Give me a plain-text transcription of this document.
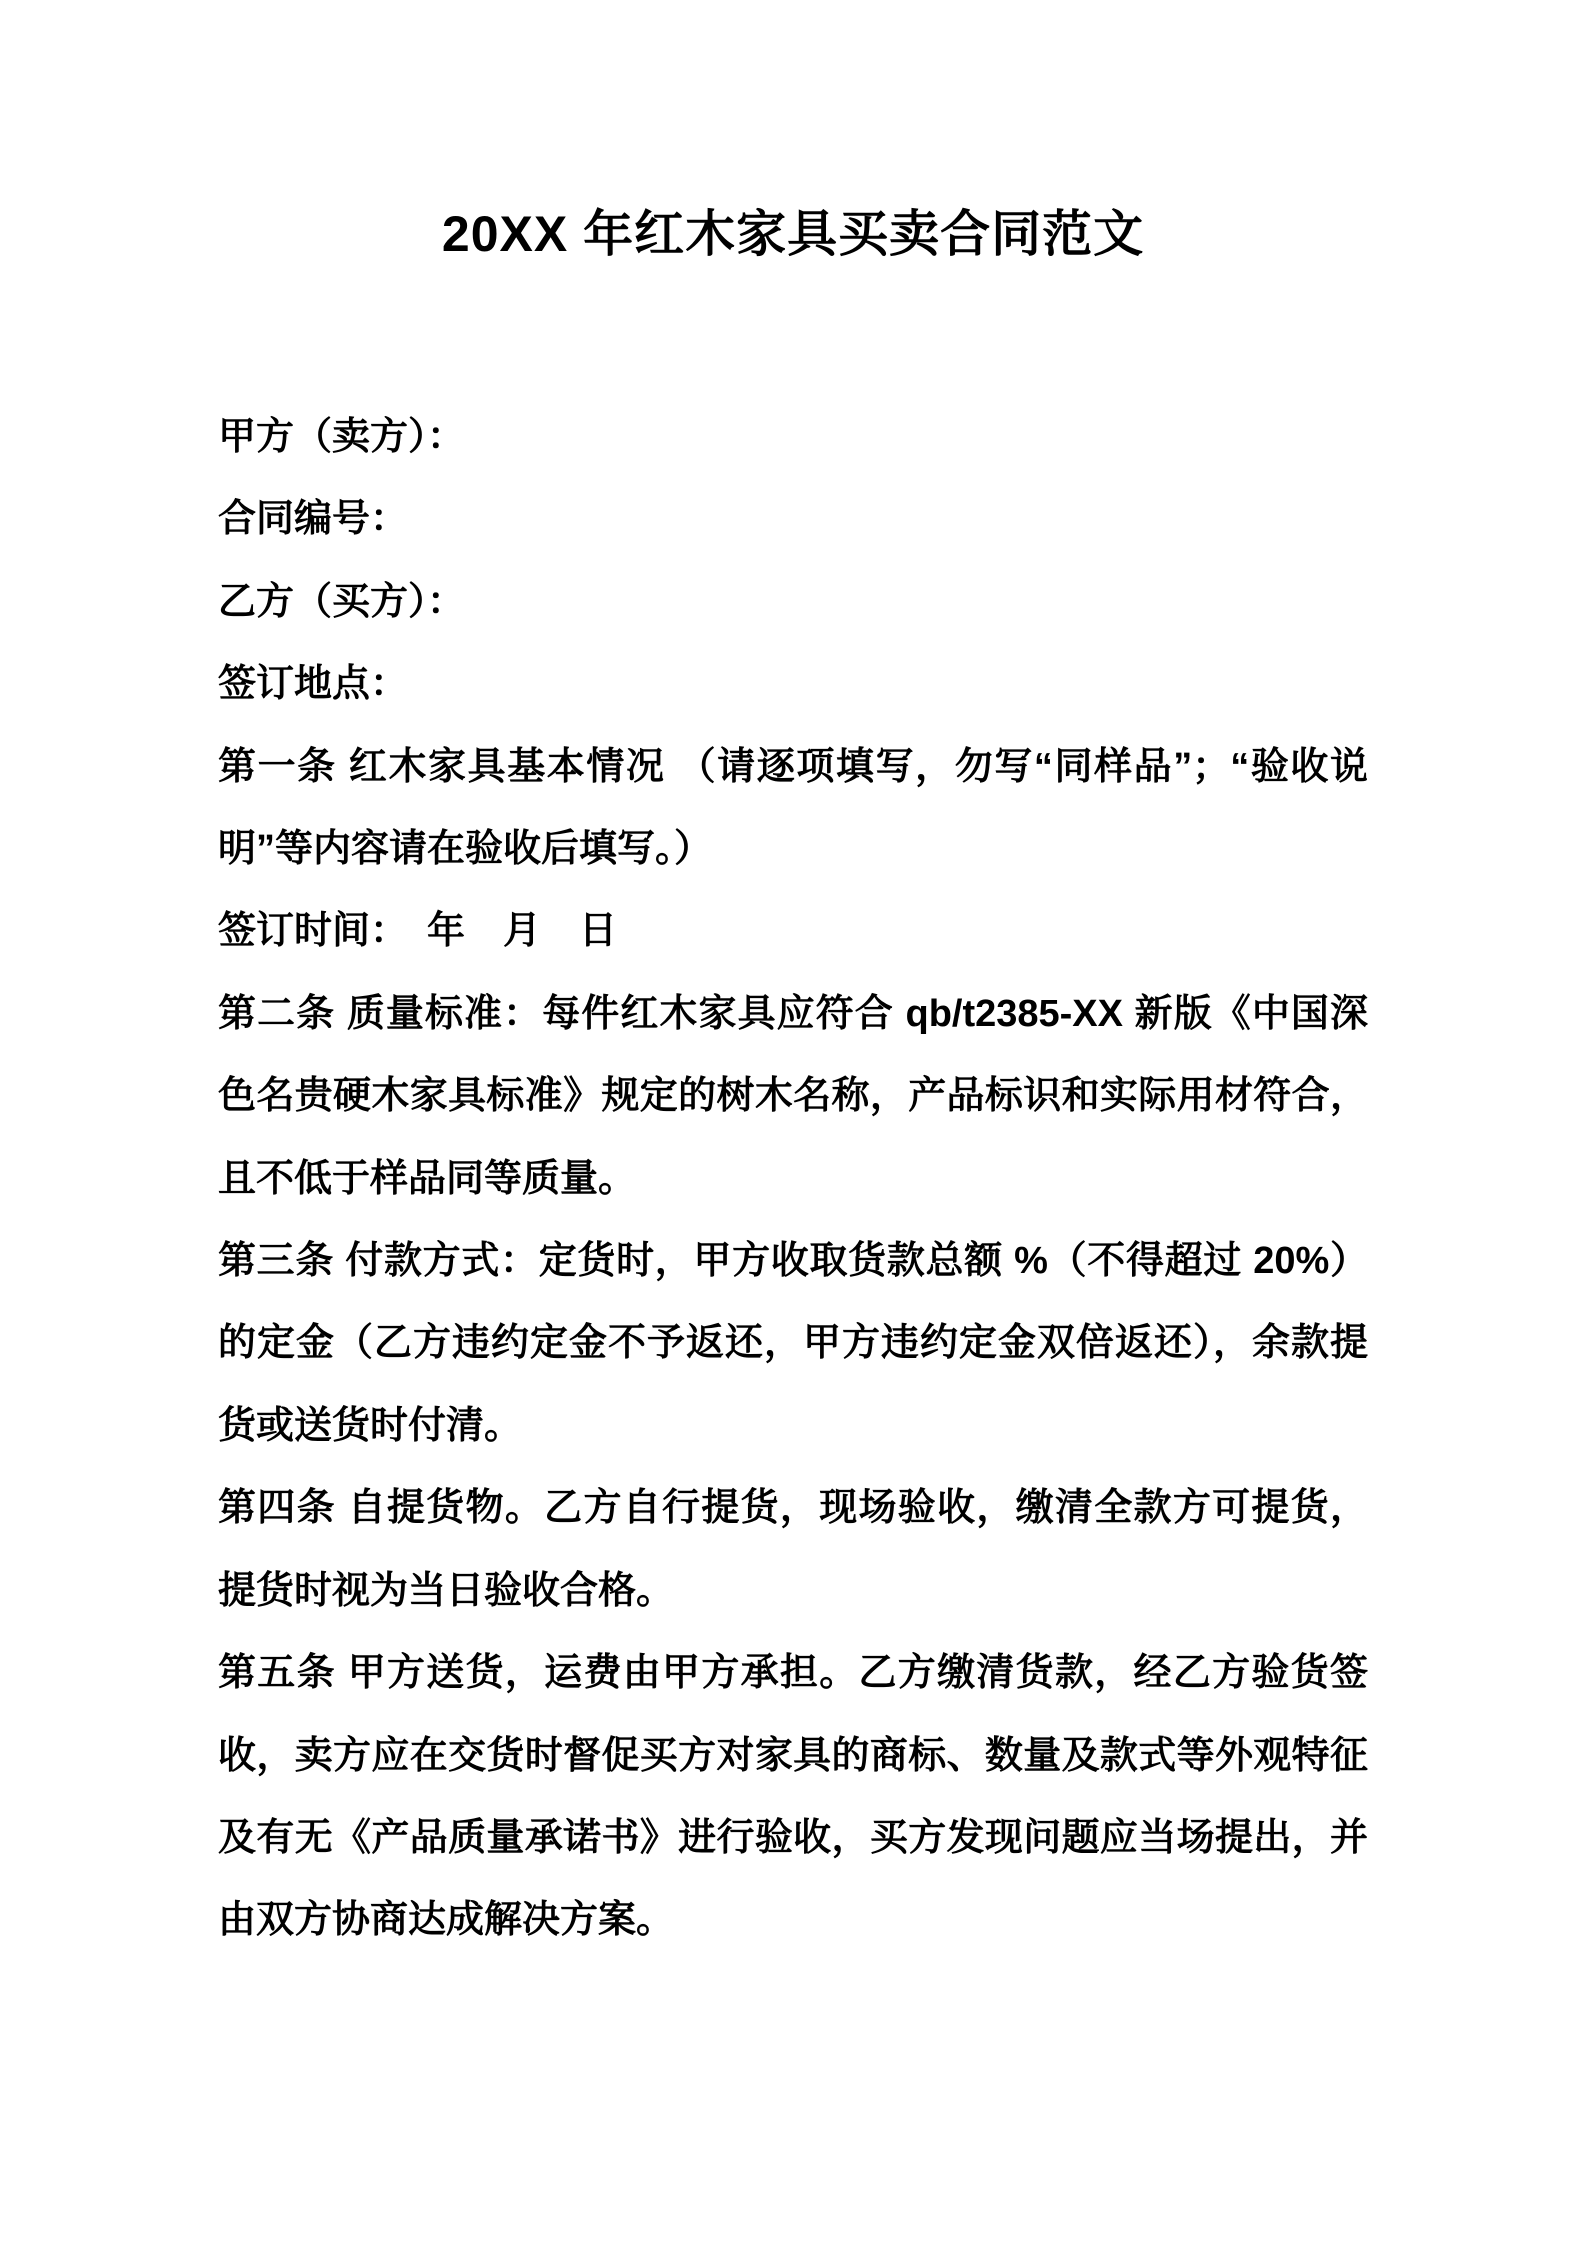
20XX 年红木家具买卖合同范文
甲方（卖方）：
合同编号：
乙方（买方）：
签订地点：
第一条 红木家具基本情况 （请逐项填写，勿写“同样品”；“验收说
明”等内容请在验收后填写。）
签订时间：　年　月　日
第二条 质量标准：每件红木家具应符合 qb/t2385-XX 新版《中国深
色名贵硬木家具标准》规定的树木名称，产品标识和实际用材符合，
且不低于样品同等质量。
第三条 付款方式：定货时，甲方收取货款总额 %（不得超过 20%）
的定金（乙方违约定金不予返还，甲方违约定金双倍返还），余款提
货或送货时付清。
第四条 自提货物。乙方自行提货，现场验收，缴清全款方可提货，
提货时视为当日验收合格。
第五条 甲方送货，运费由甲方承担。乙方缴清货款，经乙方验货签
收，卖方应在交货时督促买方对家具的商标、数量及款式等外观特征
及有无《产品质量承诺书》进行验收，买方发现问题应当场提出，并
由双方协商达成解决方案。
